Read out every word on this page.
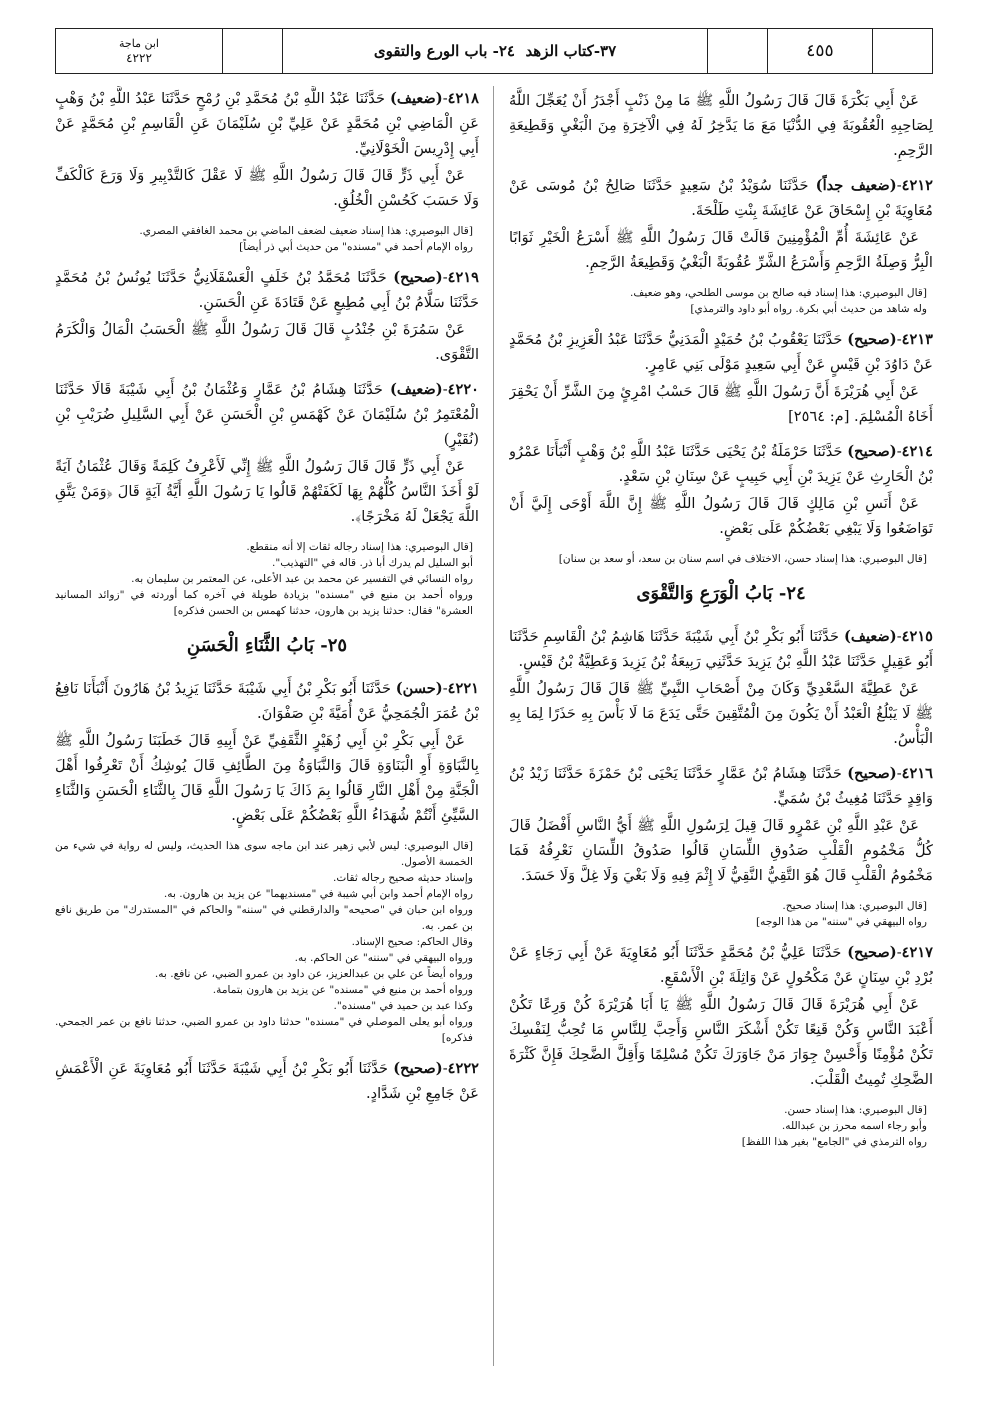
٤٥٥
٣٧-كتاب الزهد

٢٤- باب الورع والتقوى
ابن ماجة
٤٢٢٢

عَنْ أَبِي بَكْرَةَ قَالَ قَالَ رَسُولُ اللَّهِ ﷺ مَا مِنْ ذَنْبٍ أَجْدَرُ أَنْ يُعَجِّلَ اللَّهُ لِصَاحِبِهِ الْعُقُوبَةَ فِي الدُّنْيَا مَعَ مَا يَدَّخِرُ لَهُ فِي الْآخِرَةِ مِنَ الْبَغْيِ وَقَطِيعَةِ الرَّحِمِ.

٤٢١٢-(ضعيف جداً) حَدَّثَنَا سُوَيْدُ بْنُ سَعِيدٍ حَدَّثَنَا صَالِحُ بْنُ مُوسَى عَنْ مُعَاوِيَةَ بْنِ إِسْحَاقَ عَنْ عَائِشَةَ بِنْتِ طَلْحَةَ.

عَنْ عَائِشَةَ أُمِّ الْمُؤْمِنِينَ قَالَتْ قَالَ رَسُولُ اللَّهِ ﷺ أَسْرَعُ الْخَيْرِ ثَوَابًا الْبِرُّ وَصِلَةُ الرَّحِمِ وَأَسْرَعُ الشَّرِّ عُقُوبَةً الْبَغْيُ وَقَطِيعَةُ الرَّحِمِ.

[قال البوصيري: هذا إسناد فيه صالح بن موسى الطلحي، وهو ضعيف.

وله شاهد من حديث أبي بكرة. رواه أبو داود والترمذي]

٤٢١٣-(صحيح) حَدَّثَنَا يَعْقُوبُ بْنُ حُمَيْدٍ الْمَدَنِيُّ حَدَّثَنَا عَبْدُ الْعَزِيزِ بْنُ مُحَمَّدٍ عَنْ دَاوُدَ بْنِ قَيْسٍ عَنْ أَبِي سَعِيدٍ مَوْلَى بَنِي عَامِرٍ.

عَنْ أَبِي هُرَيْرَةَ أَنَّ رَسُولَ اللَّهِ ﷺ قَالَ حَسْبُ امْرِئٍ مِنَ الشَّرِّ أَنْ يَحْقِرَ أَخَاهُ الْمُسْلِمَ. [م: ٢٥٦٤]

٤٢١٤-(صحيح) حَدَّثَنَا حَرْمَلَةُ بْنُ يَحْيَى حَدَّثَنَا عَبْدُ اللَّهِ بْنُ وَهْبٍ أَنْبَأَنَا عَمْرُو بْنُ الْحَارِثِ عَنْ يَزِيدَ بْنِ أَبِي حَبِيبٍ عَنْ سِنَانِ بْنِ سَعْدٍ.

عَنْ أَنَسِ بْنِ مَالِكٍ قَالَ قَالَ رَسُولُ اللَّهِ ﷺ إِنَّ اللَّهَ أَوْحَى إِلَيَّ أَنْ تَوَاضَعُوا وَلَا يَبْغِي بَعْضُكُمْ عَلَى بَعْضٍ.

[قال البوصيري: هذا إسناد حسن، الاختلاف في اسم سنان بن سعد، أو سعد بن سنان]

٢٤- بَابُ الْوَرَعِ وَالتَّقْوَى

٤٢١٥-(ضعيف) حَدَّثَنَا أَبُو بَكْرِ بْنُ أَبِي شَيْبَةَ حَدَّثَنَا هَاشِمُ بْنُ الْقَاسِمِ حَدَّثَنَا أَبُو عَقِيلٍ حَدَّثَنَا عَبْدُ اللَّهِ بْنُ يَزِيدَ حَدَّثَنِي رَبِيعَةُ بْنُ يَزِيدَ وَعَطِيَّةُ بْنُ قَيْسٍ.

عَنْ عَطِيَّةَ السَّعْدِيِّ وَكَانَ مِنْ أَصْحَابِ النَّبِيِّ ﷺ قَالَ قَالَ رَسُولُ اللَّهِ ﷺ لَا يَبْلُغُ الْعَبْدُ أَنْ يَكُونَ مِنَ الْمُتَّقِينَ حَتَّى يَدَعَ مَا لَا بَأْسَ بِهِ حَذَرًا لِمَا بِهِ الْبَأْسُ.

٤٢١٦-(صحيح) حَدَّثَنَا هِشَامُ بْنُ عَمَّارٍ حَدَّثَنَا يَحْيَى بْنُ حَمْزَةَ حَدَّثَنَا زَيْدُ بْنُ وَاقِدٍ حَدَّثَنَا مُغِيثُ بْنُ سُمَيٍّ.

عَنْ عَبْدِ اللَّهِ بْنِ عَمْرٍو قَالَ قِيلَ لِرَسُولِ اللَّهِ ﷺ أَيُّ النَّاسِ أَفْضَلُ قَالَ كُلُّ مَخْمُومِ الْقَلْبِ صَدُوقِ اللِّسَانِ قَالُوا صَدُوقُ اللِّسَانِ نَعْرِفُهُ فَمَا مَخْمُومُ الْقَلْبِ قَالَ هُوَ التَّقِيُّ النَّقِيُّ لَا إِثْمَ فِيهِ وَلَا بَغْيَ وَلَا غِلَّ وَلَا حَسَدَ.

[قال البوصيري: هذا إسناد صحيح.

رواه البيهقي في "سننه" من هذا الوجه]

٤٢١٧-(صحيح) حَدَّثَنَا عَلِيُّ بْنُ مُحَمَّدٍ حَدَّثَنَا أَبُو مُعَاوِيَةَ عَنْ أَبِي رَجَاءٍ عَنْ بُرْدِ بْنِ سِنَانٍ عَنْ مَكْحُولٍ عَنْ وَاثِلَةَ بْنِ الْأَسْقَعِ.

عَنْ أَبِي هُرَيْرَةَ قَالَ قَالَ رَسُولُ اللَّهِ ﷺ يَا أَبَا هُرَيْرَةَ كُنْ وَرِعًا تَكُنْ أَعْبَدَ النَّاسِ وَكُنْ قَنِعًا تَكُنْ أَشْكَرَ النَّاسِ وَأَحِبَّ لِلنَّاسِ مَا تُحِبُّ لِنَفْسِكَ تَكُنْ مُؤْمِنًا وَأَحْسِنْ جِوَارَ مَنْ جَاوَرَكَ تَكُنْ مُسْلِمًا وَأَقِلَّ الضَّحِكَ فَإِنَّ كَثْرَةَ الضَّحِكِ تُمِيتُ الْقَلْبَ.

[قال البوصيري: هذا إسناد حسن.

وأبو رجاء اسمه محرز بن عبدالله.

رواه الترمذي في "الجامع" بغير هذا اللفظ]

٤٢١٨-(ضعيف) حَدَّثَنَا عَبْدُ اللَّهِ بْنُ مُحَمَّدِ بْنِ رُمْحٍ حَدَّثَنَا عَبْدُ اللَّهِ بْنُ وَهْبٍ عَنِ الْمَاضِي بْنِ مُحَمَّدٍ عَنْ عَلِيِّ بْنِ سُلَيْمَانَ عَنِ الْقَاسِمِ بْنِ مُحَمَّدٍ عَنْ أَبِي إِدْرِيسَ الْخَوْلَانِيِّ.

عَنْ أَبِي ذَرٍّ قَالَ قَالَ رَسُولُ اللَّهِ ﷺ لَا عَقْلَ كَالتَّدْبِيرِ وَلَا وَرَعَ كَالْكَفِّ وَلَا حَسَبَ كَحُسْنِ الْخُلُقِ.

[قال البوصيري: هذا إسناد ضعيف لضعف الماضي بن محمد الغافقي المصري.

رواه الإمام أحمد في "مسنده" من حديث أبي ذر أيضاً]

٤٢١٩-(صحيح) حَدَّثَنَا مُحَمَّدُ بْنُ خَلَفٍ الْعَسْقَلَانِيُّ حَدَّثَنَا يُونُسُ بْنُ مُحَمَّدٍ حَدَّثَنَا سَلَّامُ بْنُ أَبِي مُطِيعٍ عَنْ قَتَادَةَ عَنِ الْحَسَنِ.

عَنْ سَمُرَةَ بْنِ جُنْدُبٍ قَالَ قَالَ رَسُولُ اللَّهِ ﷺ الْحَسَبُ الْمَالُ وَالْكَرَمُ التَّقْوَى.

٤٢٢٠-(ضعيف) حَدَّثَنَا هِشَامُ بْنُ عَمَّارٍ وَعُثْمَانُ بْنُ أَبِي شَيْبَةَ قَالَا حَدَّثَنَا الْمُعْتَمِرُ بْنُ سُلَيْمَانَ عَنْ كَهْمَسِ بْنِ الْحَسَنِ عَنْ أَبِي السَّلِيلِ ضُرَيْبِ بْنِ (نُقَيْرٍ)

عَنْ أَبِي ذَرٍّ قَالَ قَالَ رَسُولُ اللَّهِ ﷺ إِنِّي لَأَعْرِفُ كَلِمَةً وَقَالَ عُثْمَانُ آيَةً لَوْ أَخَذَ النَّاسُ كُلُّهُمْ بِهَا لَكَفَتْهُمْ قَالُوا يَا رَسُولَ اللَّهِ أَيَّةُ آيَةٍ قَالَ ﴿وَمَنْ يَتَّقِ اللَّهَ يَجْعَلْ لَهُ مَخْرَجًا﴾.

[قال البوصيري: هذا إسناد رجاله ثقات إلا أنه منقطع.

أبو السليل لم يدرك أبا ذر. قاله في "التهذيب".

رواه النسائي في التفسير عن محمد بن عبد الأعلى، عن المعتمر بن سليمان به.

ورواه أحمد بن منيع في "مسنده" بزيادة طويلة في آخره كما أوردته في "زوائد المسانيد العشرة" فقال: حدثنا يزيد بن هارون، حدثنا كهمس بن الحسن فذكره]

٢٥- بَابُ الثَّنَاءِ الْحَسَنِ

٤٢٢١-(حسن) حَدَّثَنَا أَبُو بَكْرِ بْنُ أَبِي شَيْبَةَ حَدَّثَنَا يَزِيدُ بْنُ هَارُونَ أَنْبَأَنَا نَافِعُ بْنُ عُمَرَ الْجُمَحِيُّ عَنْ أُمَيَّةَ بْنِ صَفْوَانَ.

عَنْ أَبِي بَكْرِ بْنِ أَبِي زُهَيْرٍ الثَّقَفِيِّ عَنْ أَبِيهِ قَالَ خَطَبَنَا رَسُولُ اللَّهِ ﷺ بِالنَّبَاوَةِ أَوِ الْبَنَاوَةِ قَالَ وَالنَّبَاوَةُ مِنَ الطَّائِفِ قَالَ يُوشِكُ أَنْ تَعْرِفُوا أَهْلَ الْجَنَّةِ مِنْ أَهْلِ النَّارِ قَالُوا بِمَ ذَاكَ يَا رَسُولَ اللَّهِ قَالَ بِالثَّنَاءِ الْحَسَنِ وَالثَّنَاءِ السَّيِّئِ أَنْتُمْ شُهَدَاءُ اللَّهِ بَعْضُكُمْ عَلَى بَعْضٍ.

[قال البوصيري: ليس لأبي زهير عند ابن ماجه سوى هذا الحديث، وليس له رواية في شيء من الخمسة الأصول.

وإسناد حديثه صحيح رجاله ثقات.

رواه الإمام أحمد وابن أبي شيبة في "مسنديهما" عن يزيد بن هارون. به.

ورواه ابن حبان في "صحيحه" والدارقطني في "سننه" والحاكم في "المستدرك" من طريق نافع بن عمر. به.

وقال الحاكم: صحيح الإسناد.

ورواه البيهقي في "سننه" عن الحاكم. به.

ورواه أيضاً عن علي بن عبدالعزيز، عن داود بن عمرو الضبي، عن نافع. به.

ورواه أحمد بن منيع في "مسنده" عن يزيد بن هارون بتمامة.

وكذا عبد بن حميد في "مسنده".

ورواه أبو يعلى الموصلي في "مسنده" حدثنا داود بن عمرو الضبي، حدثنا نافع بن عمر الجمحي. فذكره]

٤٢٢٢-(صحيح) حَدَّثَنَا أَبُو بَكْرِ بْنُ أَبِي شَيْبَةَ حَدَّثَنَا أَبُو مُعَاوِيَةَ عَنِ الْأَعْمَشِ عَنْ جَامِعِ بْنِ شَدَّادٍ.
